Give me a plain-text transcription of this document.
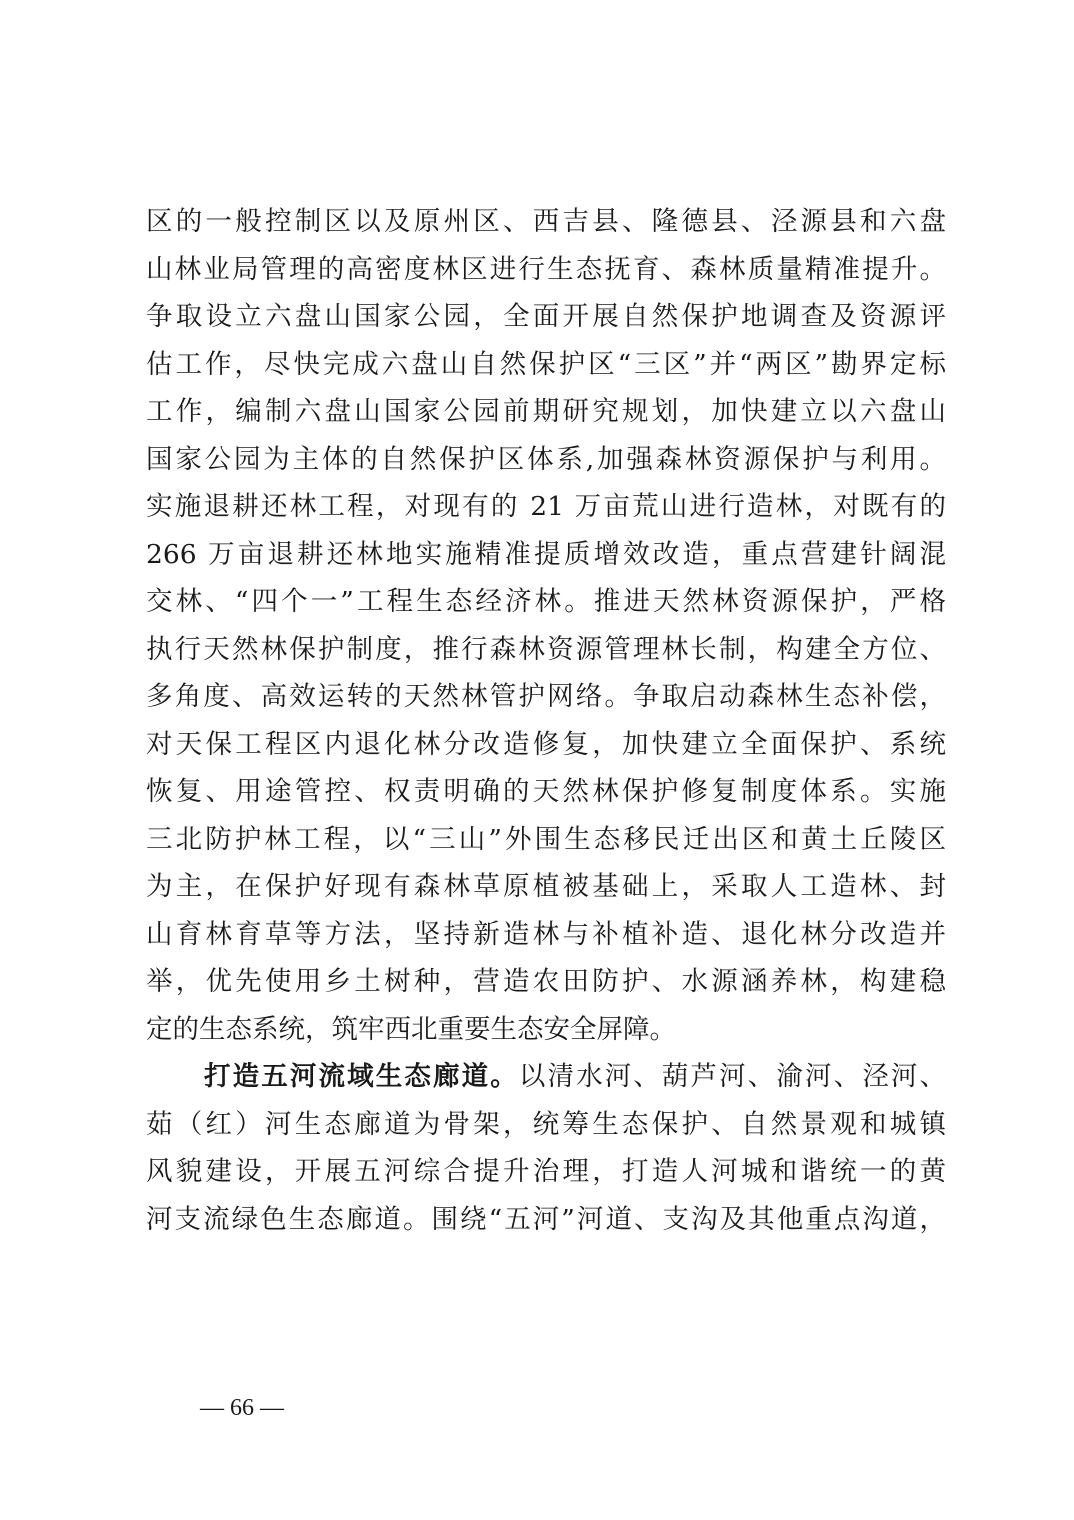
区的一般控制区以及原州区、西吉县、隆德县、泾源县和六盘
山林业局管理的高密度林区进行生态抚育、森林质量精准提升。
争取设立六盘山国家公园，全面开展自然保护地调查及资源评
估工作，尽快完成六盘山自然保护区“三区”并“两区”勘界定标
工作，编制六盘山国家公园前期研究规划，加快建立以六盘山
国家公园为主体的自然保护区体系,加强森林资源保护与利用。
实施退耕还林工程，对现有的 21 万亩荒山进行造林，对既有的
266 万亩退耕还林地实施精准提质增效改造，重点营建针阔混
交林、“四个一”工程生态经济林。推进天然林资源保护，严格
执行天然林保护制度，推行森林资源管理林长制，构建全方位、
多角度、高效运转的天然林管护网络。争取启动森林生态补偿，
对天保工程区内退化林分改造修复，加快建立全面保护、系统
恢复、用途管控、权责明确的天然林保护修复制度体系。实施
三北防护林工程，以“三山”外围生态移民迁出区和黄土丘陵区
为主，在保护好现有森林草原植被基础上，采取人工造林、封
山育林育草等方法，坚持新造林与补植补造、退化林分改造并
举，优先使用乡土树种，营造农田防护、水源涵养林，构建稳
定的生态系统，筑牢西北重要生态安全屏障。
打造五河流域生态廊道。以清水河、葫芦河、渝河、泾河、
茹（红）河生态廊道为骨架，统筹生态保护、自然景观和城镇
风貌建设，开展五河综合提升治理，打造人河城和谐统一的黄
河支流绿色生态廊道。围绕“五河”河道、支沟及其他重点沟道，
— 66 —
